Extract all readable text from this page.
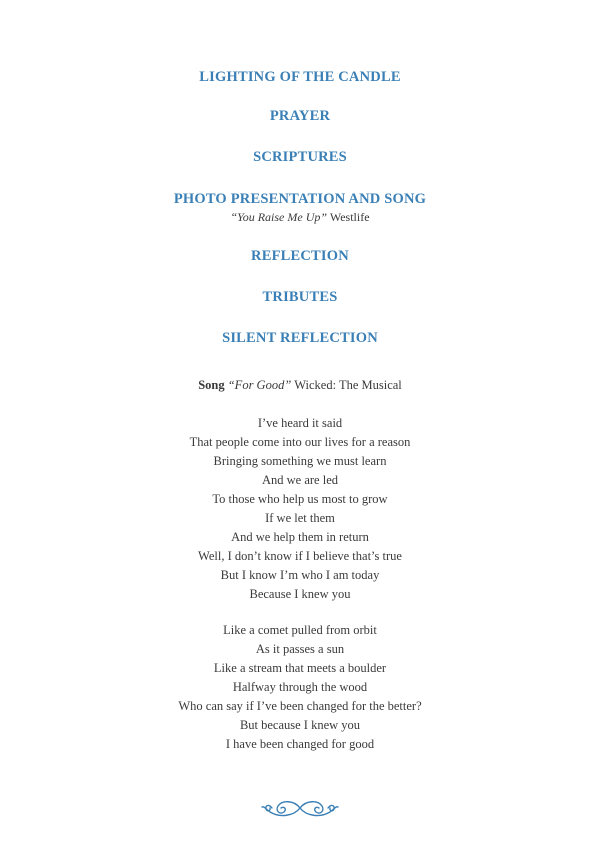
LIGHTING OF THE CANDLE
PRAYER
SCRIPTURES
PHOTO PRESENTATION AND SONG
“You Raise Me Up” Westlife
REFLECTION
TRIBUTES
SILENT REFLECTION
Song “For Good” Wicked: The Musical
I’ve heard it said
That people come into our lives for a reason
Bringing something we must learn
And we are led
To those who help us most to grow
If we let them
And we help them in return
Well, I don’t know if I believe that’s true
But I know I’m who I am today
Because I knew you
Like a comet pulled from orbit
As it passes a sun
Like a stream that meets a boulder
Halfway through the wood
Who can say if I’ve been changed for the better?
But because I knew you
I have been changed for good
